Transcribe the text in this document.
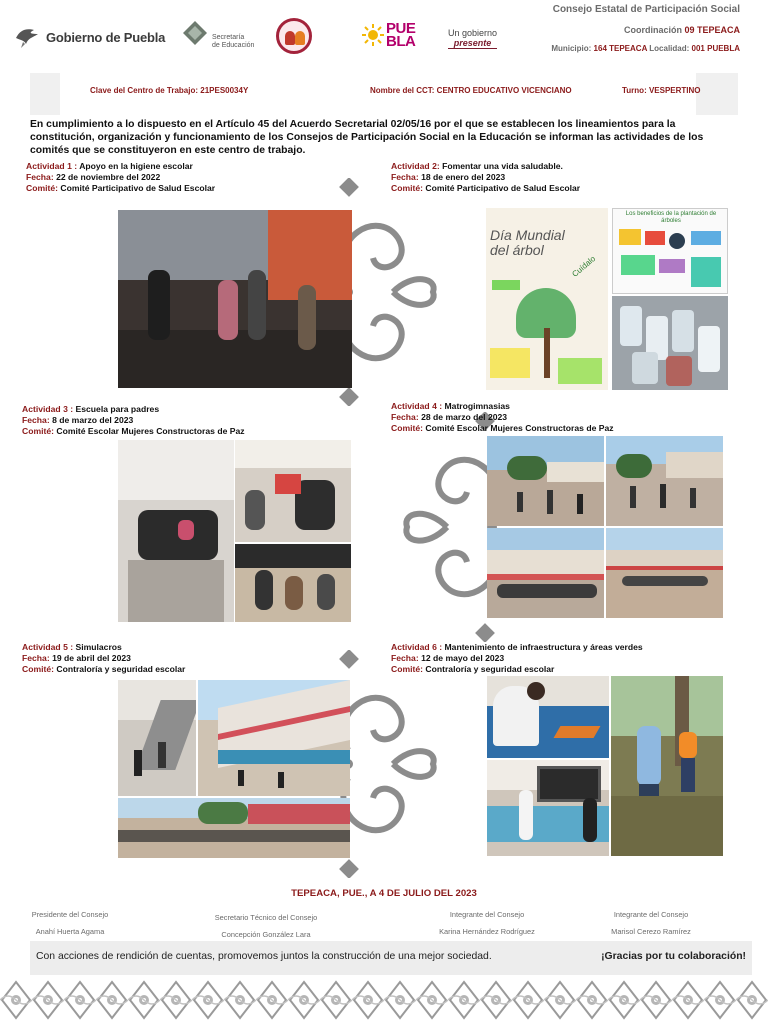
Gobierno de Puebla	Secretaría
de Educación
PUE
BLA	Un gobierno
presente
Consejo Estatal de Participación Social
Coordinación 09 TEPEACA
Municipio: 164 TEPEACA Localidad: 001 PUEBLA
Clave del Centro de Trabajo: 21PES0034Y	Nombre del CCT: CENTRO EDUCATIVO VICENCIANO	Turno: VESPERTINO
En cumplimiento a lo dispuesto en el Artículo 45 del Acuerdo Secretarial 02/05/16 por el que se establecen los lineamientos para la constitución, organización y funcionamiento de los Consejos de Participación Social en la Educación se informan las actividades de los comités que se constituyeron en este centro de trabajo.
Actividad 1 : Apoyo en la higiene escolar
Fecha: 22 de noviembre del 2022
Comité: Comité Participativo de Salud Escolar
Actividad 2: Fomentar una vida saludable.
Fecha: 18 de enero del 2023
Comité: Comité Participativo de Salud Escolar
Día Mundial del árbol
Cuídalo
Los beneficios de la plantación de árboles
Actividad 3 : Escuela para padres
Fecha: 8 de marzo del 2023
Comité: Comité Escolar Mujeres Constructoras de Paz
Actividad 4 : Matrogimnasias
Fecha: 28 de marzo del 2023
Comité: Comité Escolar Mujeres Constructoras de Paz
Actividad 5 : Simulacros
Fecha: 19 de abril del 2023
Comité: Contraloría y seguridad escolar
Actividad 6 : Mantenimiento de infraestructura y áreas verdes
Fecha: 12 de mayo del 2023
Comité: Contraloría y seguridad escolar
TEPEACA, PUE., A 4 DE JULIO DEL 2023
Presidente del Consejo
Anahí Huerta Agama
Secretario Técnico del Consejo
Concepción González Lara
Integrante del Consejo
Karina Hernández Rodríguez
Integrante del Consejo
Marisol Cerezo Ramírez
Con acciones de rendición de cuentas, promovemos juntos la construcción de una mejor sociedad.	¡Gracias por tu colaboración!
